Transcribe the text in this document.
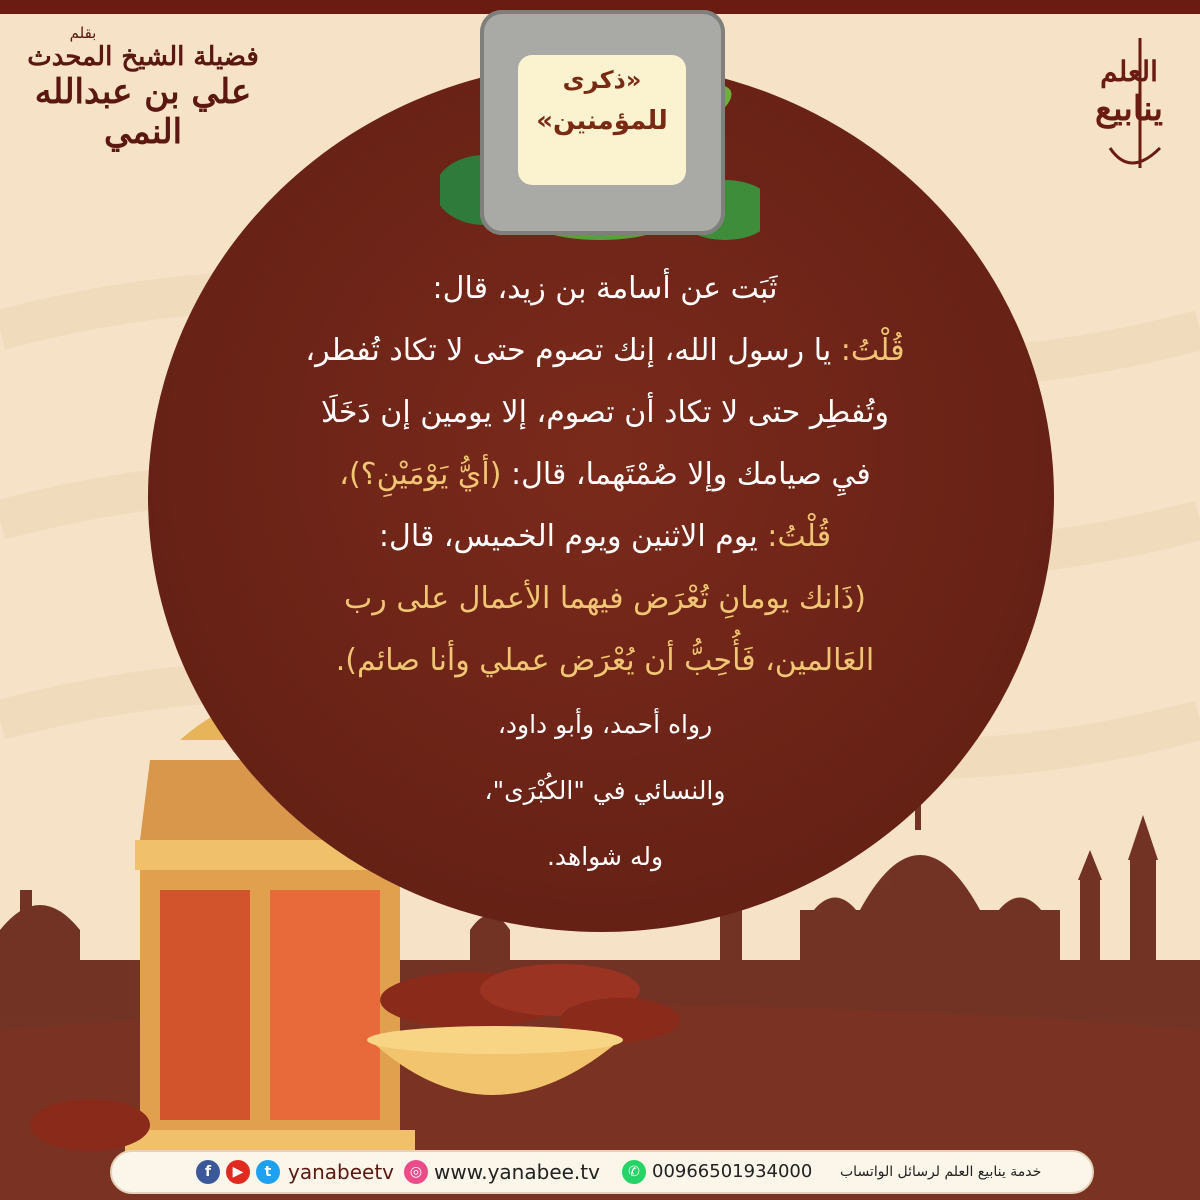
بقلم
فضيلة الشيخ المحدث
علي بن عبدالله النمي
العلم
ينابيع
«ذكرى
للمؤمنين»
ثَبَت عن أسامة بن زيد، قال:
قُلْتُ: يا رسول الله، إنك تصوم حتى لا تكاد تُفطر،
وتُفطِر حتى لا تكاد أن تصوم، إلا يومين إن دَخَلَا
فيِ صيامك وإلا صُمْتَهما، قال: (أيُّ يَوْمَيْنِ؟)،
قُلْتُ: يوم الاثنين ويوم الخميس، قال:
(ذَانك يومانِ تُعْرَض فيهما الأعمال على رب
العَالمين، فَأُحِبُّ أن يُعْرَض عملي وأنا صائم).
رواه أحمد، وأبو داود،
والنسائي في "الكُبْرَى"،
وله شواهد.
f	▶	t yanabeetv	◎ www.yanabee.tv	✆ 00966501934000 خدمة ينابيع العلم لرسائل الواتساب
